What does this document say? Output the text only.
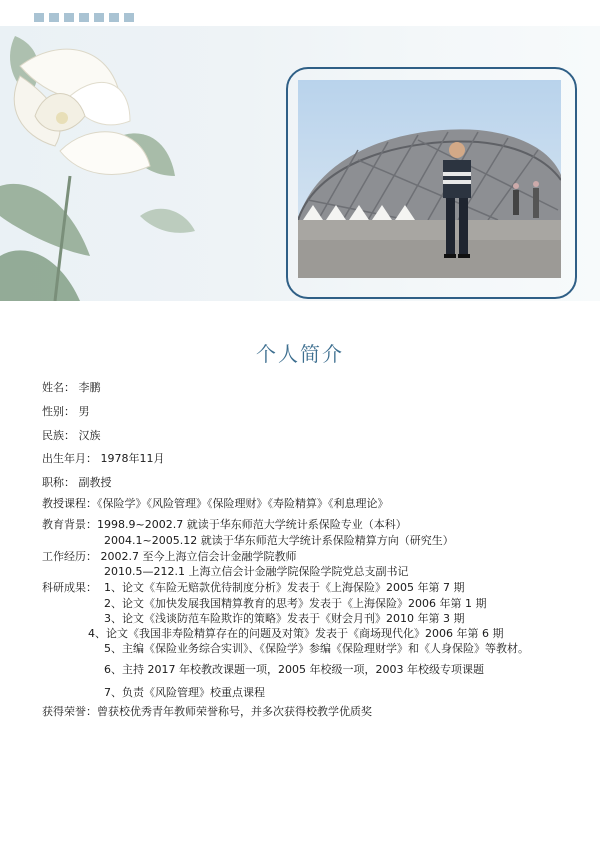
个人简介
姓名： 李鹏
性别： 男
民族： 汉族
出生年月： 1978年11月
职称： 副教授
教授课程：《保险学》《风险管理》《保险理财》《寿险精算》《利息理论》
教育背景：1998.9~2002.7 就读于华东师范大学统计系保险专业（本科）
2004.1~2005.12 就读于华东师范大学统计系保险精算方向（研究生）
工作经历： 2002.7 至今上海立信会计金融学院教师
2010.5—212.1 上海立信会计金融学院保险学院党总支副书记
科研成果： 1、论文《车险无赔款优待制度分析》发表于《上海保险》2005 年第 7 期
2、论文《加快发展我国精算教育的思考》发表于《上海保险》2006 年第 1 期
3、论文《浅谈防范车险欺诈的策略》发表于《财会月刊》2010 年第 3 期
4、论文《我国非寿险精算存在的问题及对策》发表于《商场现代化》2006 年第 6 期
5、主编《保险业务综合实训》、《保险学》参编《保险理财学》和《人身保险》等教材。
6、主持 2017 年校教改课题一项，2005 年校级一项，2003 年校级专项课题
7、负责《风险管理》校重点课程
获得荣誉：曾获校优秀青年教师荣誉称号，并多次获得校教学优质奖
